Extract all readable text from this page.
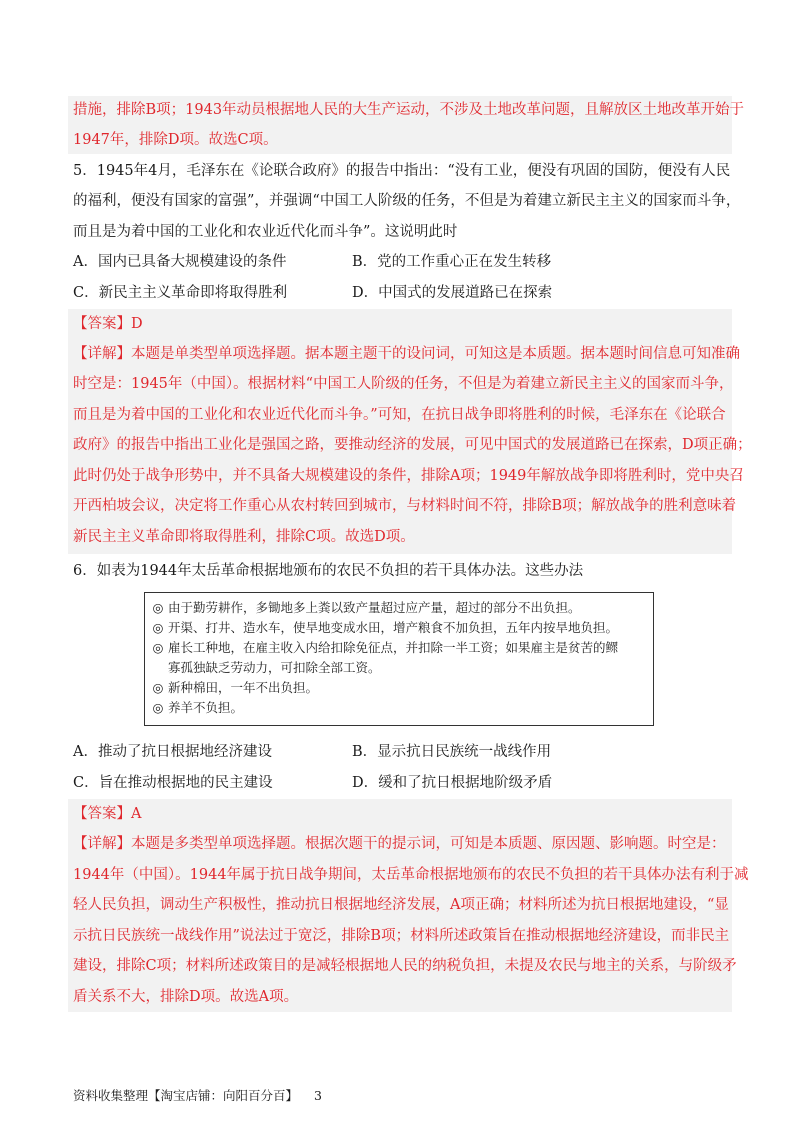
措施，排除B项；1943年动员根据地人民的大生产运动，不涉及土地改革问题，且解放区土地改革开始于
1947年，排除D项。故选C项。
5．1945年4月，毛泽东在《论联合政府》的报告中指出：“没有工业，便没有巩固的国防，便没有人民
的福利，便没有国家的富强”，并强调“中国工人阶级的任务，不但是为着建立新民主主义的国家而斗争，
而且是为着中国的工业化和农业近代化而斗争”。这说明此时
A．国内已具备大规模建设的条件	B．党的工作重心正在发生转移
C．新民主主义革命即将取得胜利	D．中国式的发展道路已在探索
【答案】D
【详解】本题是单类型单项选择题。据本题主题干的设问词，可知这是本质题。据本题时间信息可知准确
时空是：1945年（中国）。根据材料“中国工人阶级的任务，不但是为着建立新民主主义的国家而斗争，
而且是为着中国的工业化和农业近代化而斗争。”可知，在抗日战争即将胜利的时候，毛泽东在《论联合
政府》的报告中指出工业化是强国之路，要推动经济的发展，可见中国式的发展道路已在探索，D项正确；
此时仍处于战争形势中，并不具备大规模建设的条件，排除A项；1949年解放战争即将胜利时，党中央召
开西柏坡会议，决定将工作重心从农村转回到城市，与材料时间不符，排除B项；解放战争的胜利意味着
新民主主义革命即将取得胜利，排除C项。故选D项。
6．如表为1944年太岳革命根据地颁布的农民不负担的若干具体办法。这些办法
◎ 由于勤劳耕作，多锄地多上粪以致产量超过应产量，超过的部分不出负担。
◎ 开渠、打井、造水车，使旱地变成水田，增产粮食不加负担，五年内按旱地负担。
◎ 雇长工种地，在雇主收入内给扣除免征点，并扣除一半工资；如果雇主是贫苦的鳏
寡孤独缺乏劳动力，可扣除全部工资。
◎ 新种棉田，一年不出负担。
◎ 养羊不负担。
A．推动了抗日根据地经济建设	B．显示抗日民族统一战线作用
C．旨在推动根据地的民主建设	D．缓和了抗日根据地阶级矛盾
【答案】A
【详解】本题是多类型单项选择题。根据次题干的提示词，可知是本质题、原因题、影响题。时空是：
1944年（中国）。1944年属于抗日战争期间，太岳革命根据地颁布的农民不负担的若干具体办法有利于减
轻人民负担，调动生产积极性，推动抗日根据地经济发展，A项正确；材料所述为抗日根据地建设，“显
示抗日民族统一战线作用”说法过于宽泛，排除B项；材料所述政策旨在推动根据地经济建设，而非民主
建设，排除C项；材料所述政策目的是减轻根据地人民的纳税负担，未提及农民与地主的关系，与阶级矛
盾关系不大，排除D项。故选A项。
资料收集整理【淘宝店铺：向阳百分百】 3
